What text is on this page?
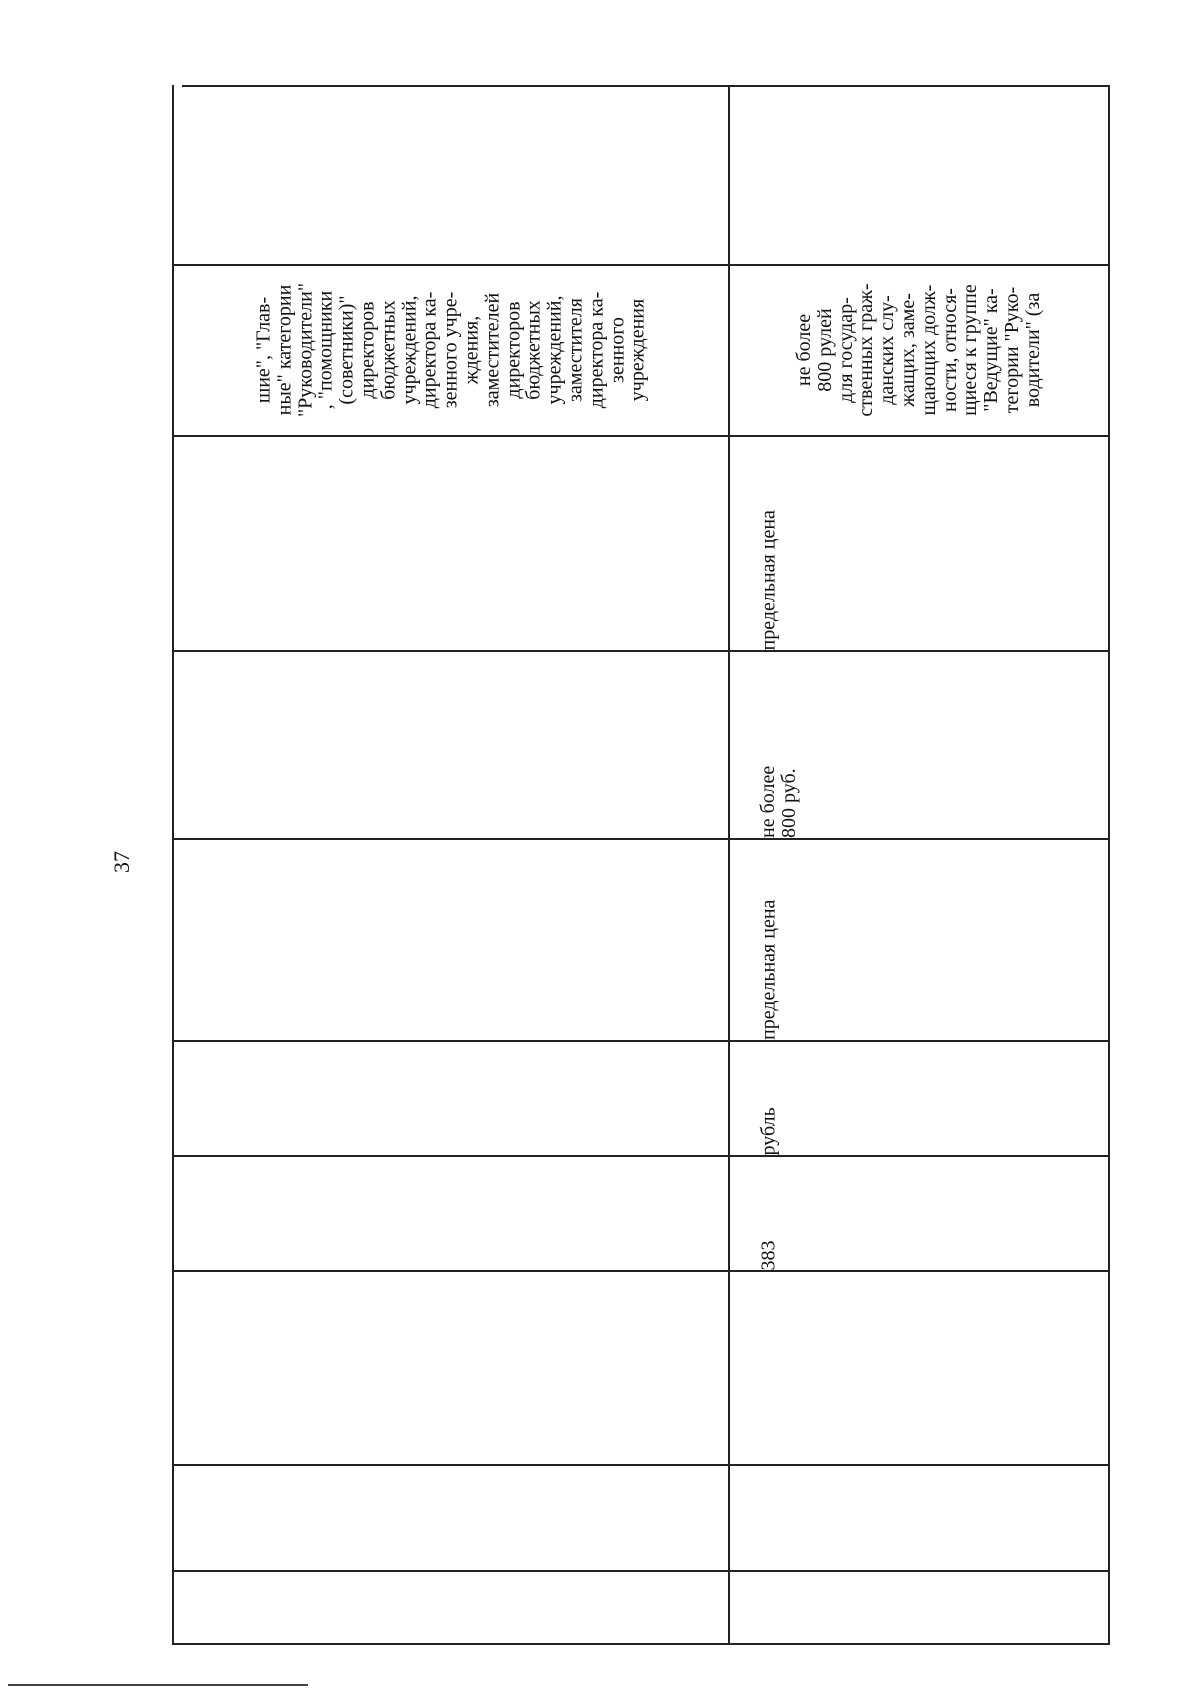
37
шие", "Глав-
ные" категории
"Руководители"
, "помощники
(советники)"
директоров
бюджетных
учреждений,
директора ка-
зенного учре-
ждения,
заместителей
директоров
бюджетных
учреждений,
заместителя
директора ка-
зенного
учреждения
383
рубль
предельная цена
не более
800 руб.
предельная цена
не более
800 рулей
для государ-
ственных граж-
данских слу-
жащих, заме-
щающих долж-
ности, относя-
щиеся к группе
"Ведущие" ка-
тегории "Руко-
водители" (за
